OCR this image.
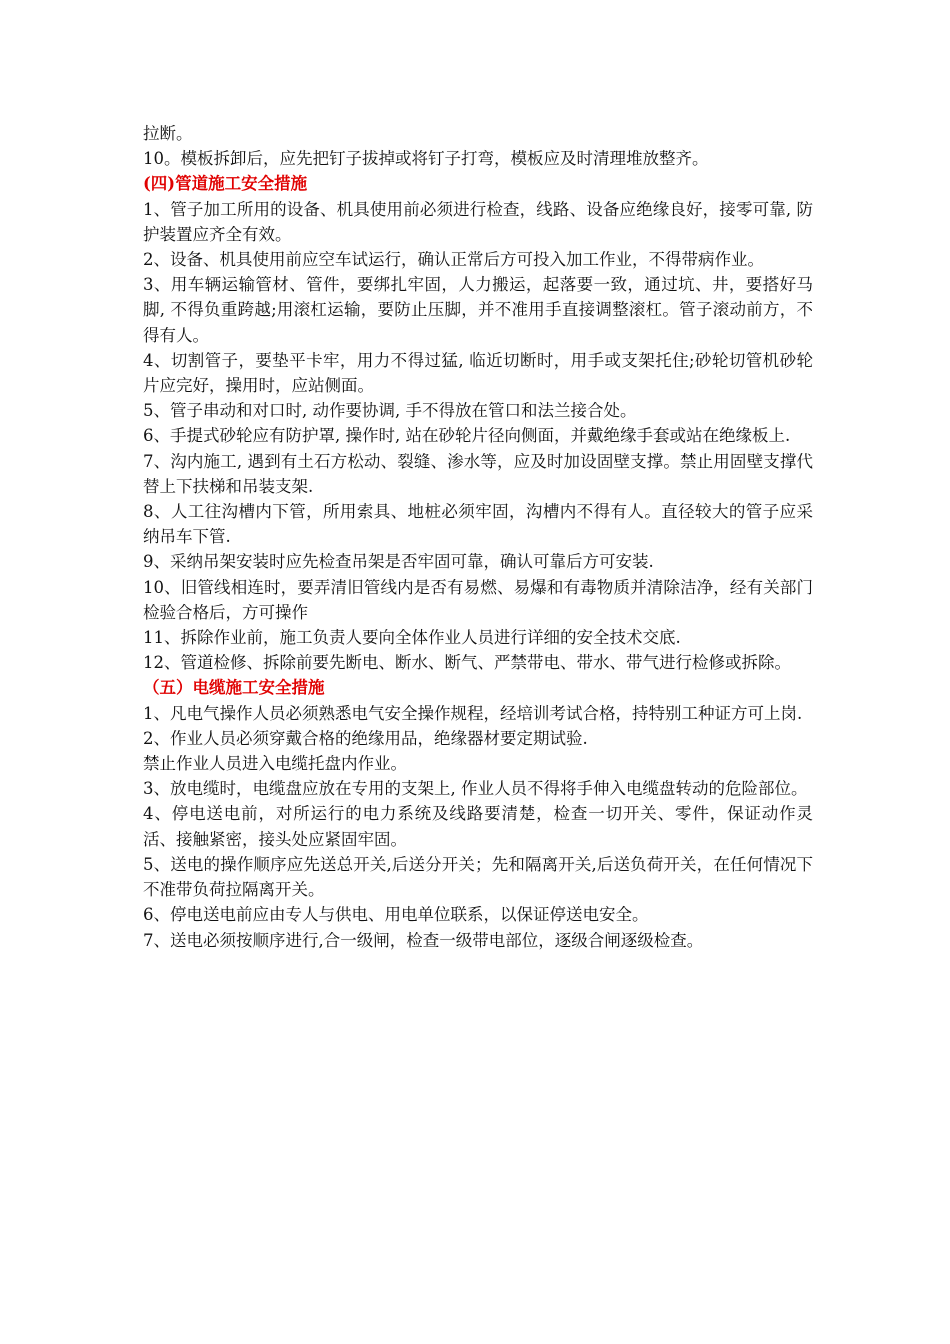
拉断。
10。模板拆卸后，应先把钉子拔掉或将钉子打弯，模板应及时清理堆放整齐。
(四)管道施工安全措施
1、管子加工所用的设备、机具使用前必须进行检查，线路、设备应绝缘良好，接零可靠, 防护装置应齐全有效。
2、设备、机具使用前应空车试运行，确认正常后方可投入加工作业，不得带病作业。
3、用车辆运输管材、管件，要绑扎牢固，人力搬运，起落要一致，通过坑、井，要搭好马脚, 不得负重跨越;用滚杠运输，要防止压脚，并不准用手直接调整滚杠。管子滚动前方，不得有人。
4、切割管子，要垫平卡牢，用力不得过猛, 临近切断时，用手或支架托住;砂轮切管机砂轮片应完好，操用时，应站侧面。
5、管子串动和对口时, 动作要协调, 手不得放在管口和法兰接合处。
6、手提式砂轮应有防护罩, 操作时, 站在砂轮片径向侧面，并戴绝缘手套或站在绝缘板上.
7、沟内施工, 遇到有土石方松动、裂缝、渗水等，应及时加设固壁支撑。禁止用固壁支撑代替上下扶梯和吊装支架.
8、人工往沟槽内下管，所用索具、地桩必须牢固，沟槽内不得有人。直径较大的管子应采纳吊车下管.
9、采纳吊架安装时应先检查吊架是否牢固可靠，确认可靠后方可安装.
10、旧管线相连时，要弄清旧管线内是否有易燃、易爆和有毒物质并清除洁净，经有关部门检验合格后，方可操作
11、拆除作业前，施工负责人要向全体作业人员进行详细的安全技术交底.
12、管道检修、拆除前要先断电、断水、断气、严禁带电、带水、带气进行检修或拆除。
（五）电缆施工安全措施
1、凡电气操作人员必须熟悉电气安全操作规程，经培训考试合格，持特别工种证方可上岗.
2、作业人员必须穿戴合格的绝缘用品，绝缘器材要定期试验.
禁止作业人员进入电缆托盘内作业。
3、放电缆时，电缆盘应放在专用的支架上, 作业人员不得将手伸入电缆盘转动的危险部位。
4、停电送电前，对所运行的电力系统及线路要清楚，检查一切开关、零件，保证动作灵活、接触紧密，接头处应紧固牢固。
5、送电的操作顺序应先送总开关,后送分开关；先和隔离开关,后送负荷开关，在任何情况下不准带负荷拉隔离开关。
6、停电送电前应由专人与供电、用电单位联系，以保证停送电安全。
7、送电必须按顺序进行,合一级闸，检查一级带电部位，逐级合闸逐级检查。
